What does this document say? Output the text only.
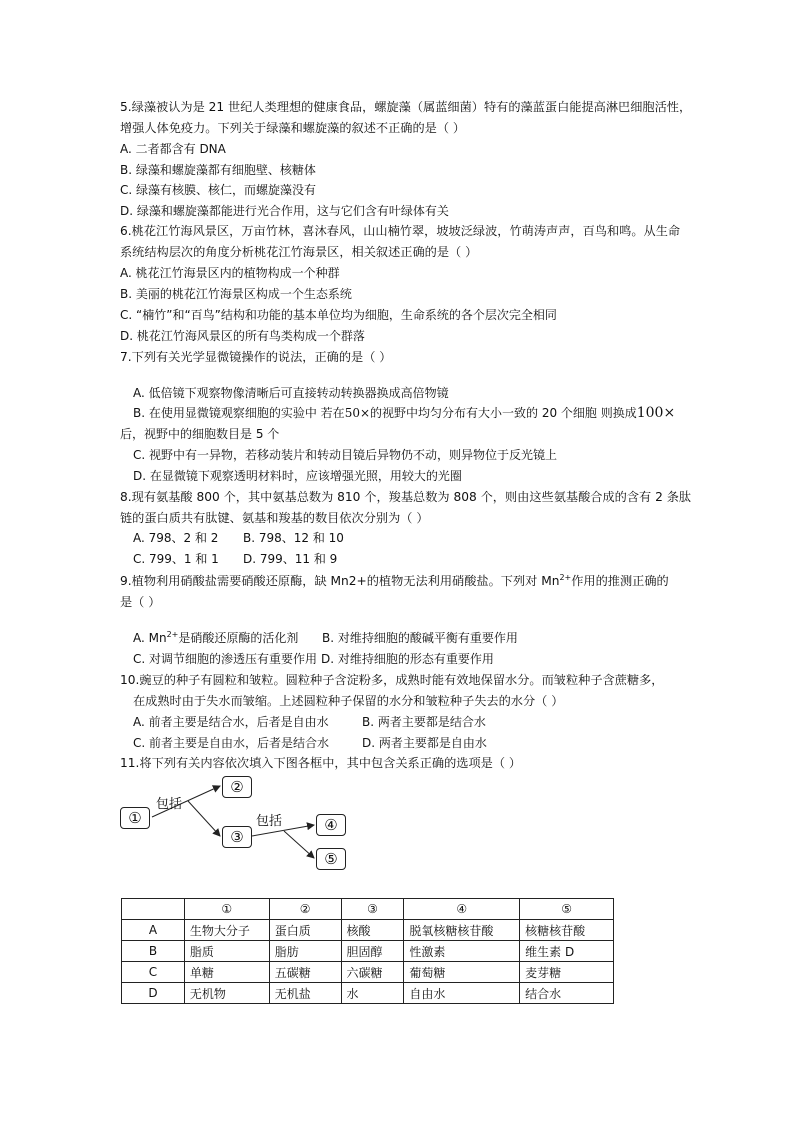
5.绿藻被认为是 21 世纪人类理想的健康食品，螺旋藻（属蓝细菌）特有的藻蓝蛋白能提高淋巴细胞活性，
增强人体免疫力。下列关于绿藻和螺旋藻的叙述不正确的是（ ）
A. 二者都含有 DNA
B. 绿藻和螺旋藻都有细胞壁、核糖体
C. 绿藻有核膜、核仁，而螺旋藻没有
D. 绿藻和螺旋藻都能进行光合作用，这与它们含有叶绿体有关
6.桃花江竹海风景区，万亩竹林，喜沐春风，山山楠竹翠，坡坡泛绿波，竹萌涛声声，百鸟和鸣。从生命
系统结构层次的角度分析桃花江竹海景区，相关叙述正确的是（ ）
A. 桃花江竹海景区内的植物构成一个种群
B. 美丽的桃花江竹海景区构成一个生态系统
C. “楠竹”和“百鸟”结构和功能的基本单位均为细胞，生命系统的各个层次完全相同
D. 桃花江竹海风景区的所有鸟类构成一个群落
7.下列有关光学显微镜操作的说法，正确的是（ ）
A. 低倍镜下观察物像清晰后可直接转动转换器换成高倍物镜
B. 在使用显微镜观察细胞的实验中 若在50×的视野中均匀分布有大小一致的 20 个细胞 则换成100×
后，视野中的细胞数目是 5 个
C. 视野中有一异物，若移动装片和转动目镜后异物仍不动，则异物位于反光镜上
D. 在显微镜下观察透明材料时，应该增强光照，用较大的光圈
8.现有氨基酸 800 个，其中氨基总数为 810 个，羧基总数为 808 个，则由这些氨基酸合成的含有 2 条肽
链的蛋白质共有肽键、氨基和羧基的数目依次分别为（ ）
A. 798、2 和 2 B. 798、12 和 10
C. 799、1 和 1 D. 799、11 和 9
9.植物利用硝酸盐需要硝酸还原酶，缺 Mn2+的植物无法利用硝酸盐。下列对 $Mn^{2+}$作用的推测正确的
是（ ）
A. $Mn^{2+}$是硝酸还原酶的活化剂 B. 对维持细胞的酸碱平衡有重要作用
C. 对调节细胞的渗透压有重要作用 D. 对维持细胞的形态有重要作用
10.豌豆的种子有圆粒和皱粒。圆粒种子含淀粉多，成熟时能有效地保留水分。而皱粒种子含蔗糖多，
在成熟时由于失水而皱缩。上述圆粒种子保留的水分和皱粒种子失去的水分（ ）
A. 前者主要是结合水，后者是自由水	B. 两者主要都是结合水
C. 前者主要是自由水，后者是结合水	D. 两者主要都是自由水
11.将下列有关内容依次填入下图各框中，其中包含关系正确的选项是（ ）
①
②
③
④
⑤
包括
包括
	①	②	③	④	⑤
A	生物大分子	蛋白质	核酸	脱氧核糖核苷酸	核糖核苷酸
B	脂质	脂肪	胆固醇	性激素	维生素 D
C	单糖	五碳糖	六碳糖	葡萄糖	麦芽糖
D	无机物	无机盐	水	自由水	结合水
